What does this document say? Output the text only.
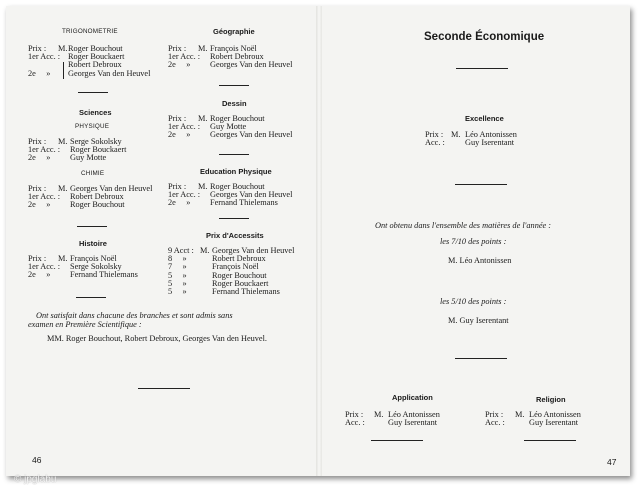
TRIGONOMETRIE
Sciences
PHYSIQUE
CHIMIE
Histoire
Géographie
Dessin
Education Physique
Prix d'Accessits
Ont satisfait dans chacune des branches et sont admis sans
examen en Première Scientifique :
MM. Roger Bouchout, Robert Debroux, Georges Van den Heuvel.
46
Seconde Économique
Excellence
Ont obtenu dans l'ensemble des matières de l'année :
les 7/10 des points :
M. Léo Antonissen
les 5/10 des points :
M. Guy Iserentant
Application	Religion
47
© jpglabu
Prix : M. Roger Bouchout
1er Acc. : Roger Bouckaert
Robert Debroux
2e     » Georges Van den Heuvel
Prix : M. Serge Sokolsky
1er Acc. : Roger Bouckaert
2e     » Guy Motte
Prix : M. Georges Van den Heuvel
1er Acc. : Robert Debroux
2e     » Roger Bouchout
Prix : M. François Noël
1er Acc. : Serge Sokolsky
2e     » Fernand Thielemans
Prix : M. François Noël
1er Acc. : Robert Debroux
2e     » Georges Van den Heuvel
Prix : M. Roger Bouchout
1er Acc. : Guy Motte
2e     » Georges Van den Heuvel
Prix : M. Roger Bouchout
1er Acc. : Georges Van den Heuvel
2e     » Fernand Thielemans
9 Acct : M. Georges Van den Heuvel
8     »	Robert Debroux
7     »	François Noël
5     »	Roger Bouchout
5     »	Roger Bouckaert
5     »	Fernand Thielemans
Prix : M. Léo Antonissen
Acc. : Guy Iserentant
Prix : M. Léo Antonissen
Acc. :	Guy Iserentant
Prix : M. Léo Antonissen
Acc. :	Guy Iserentant
